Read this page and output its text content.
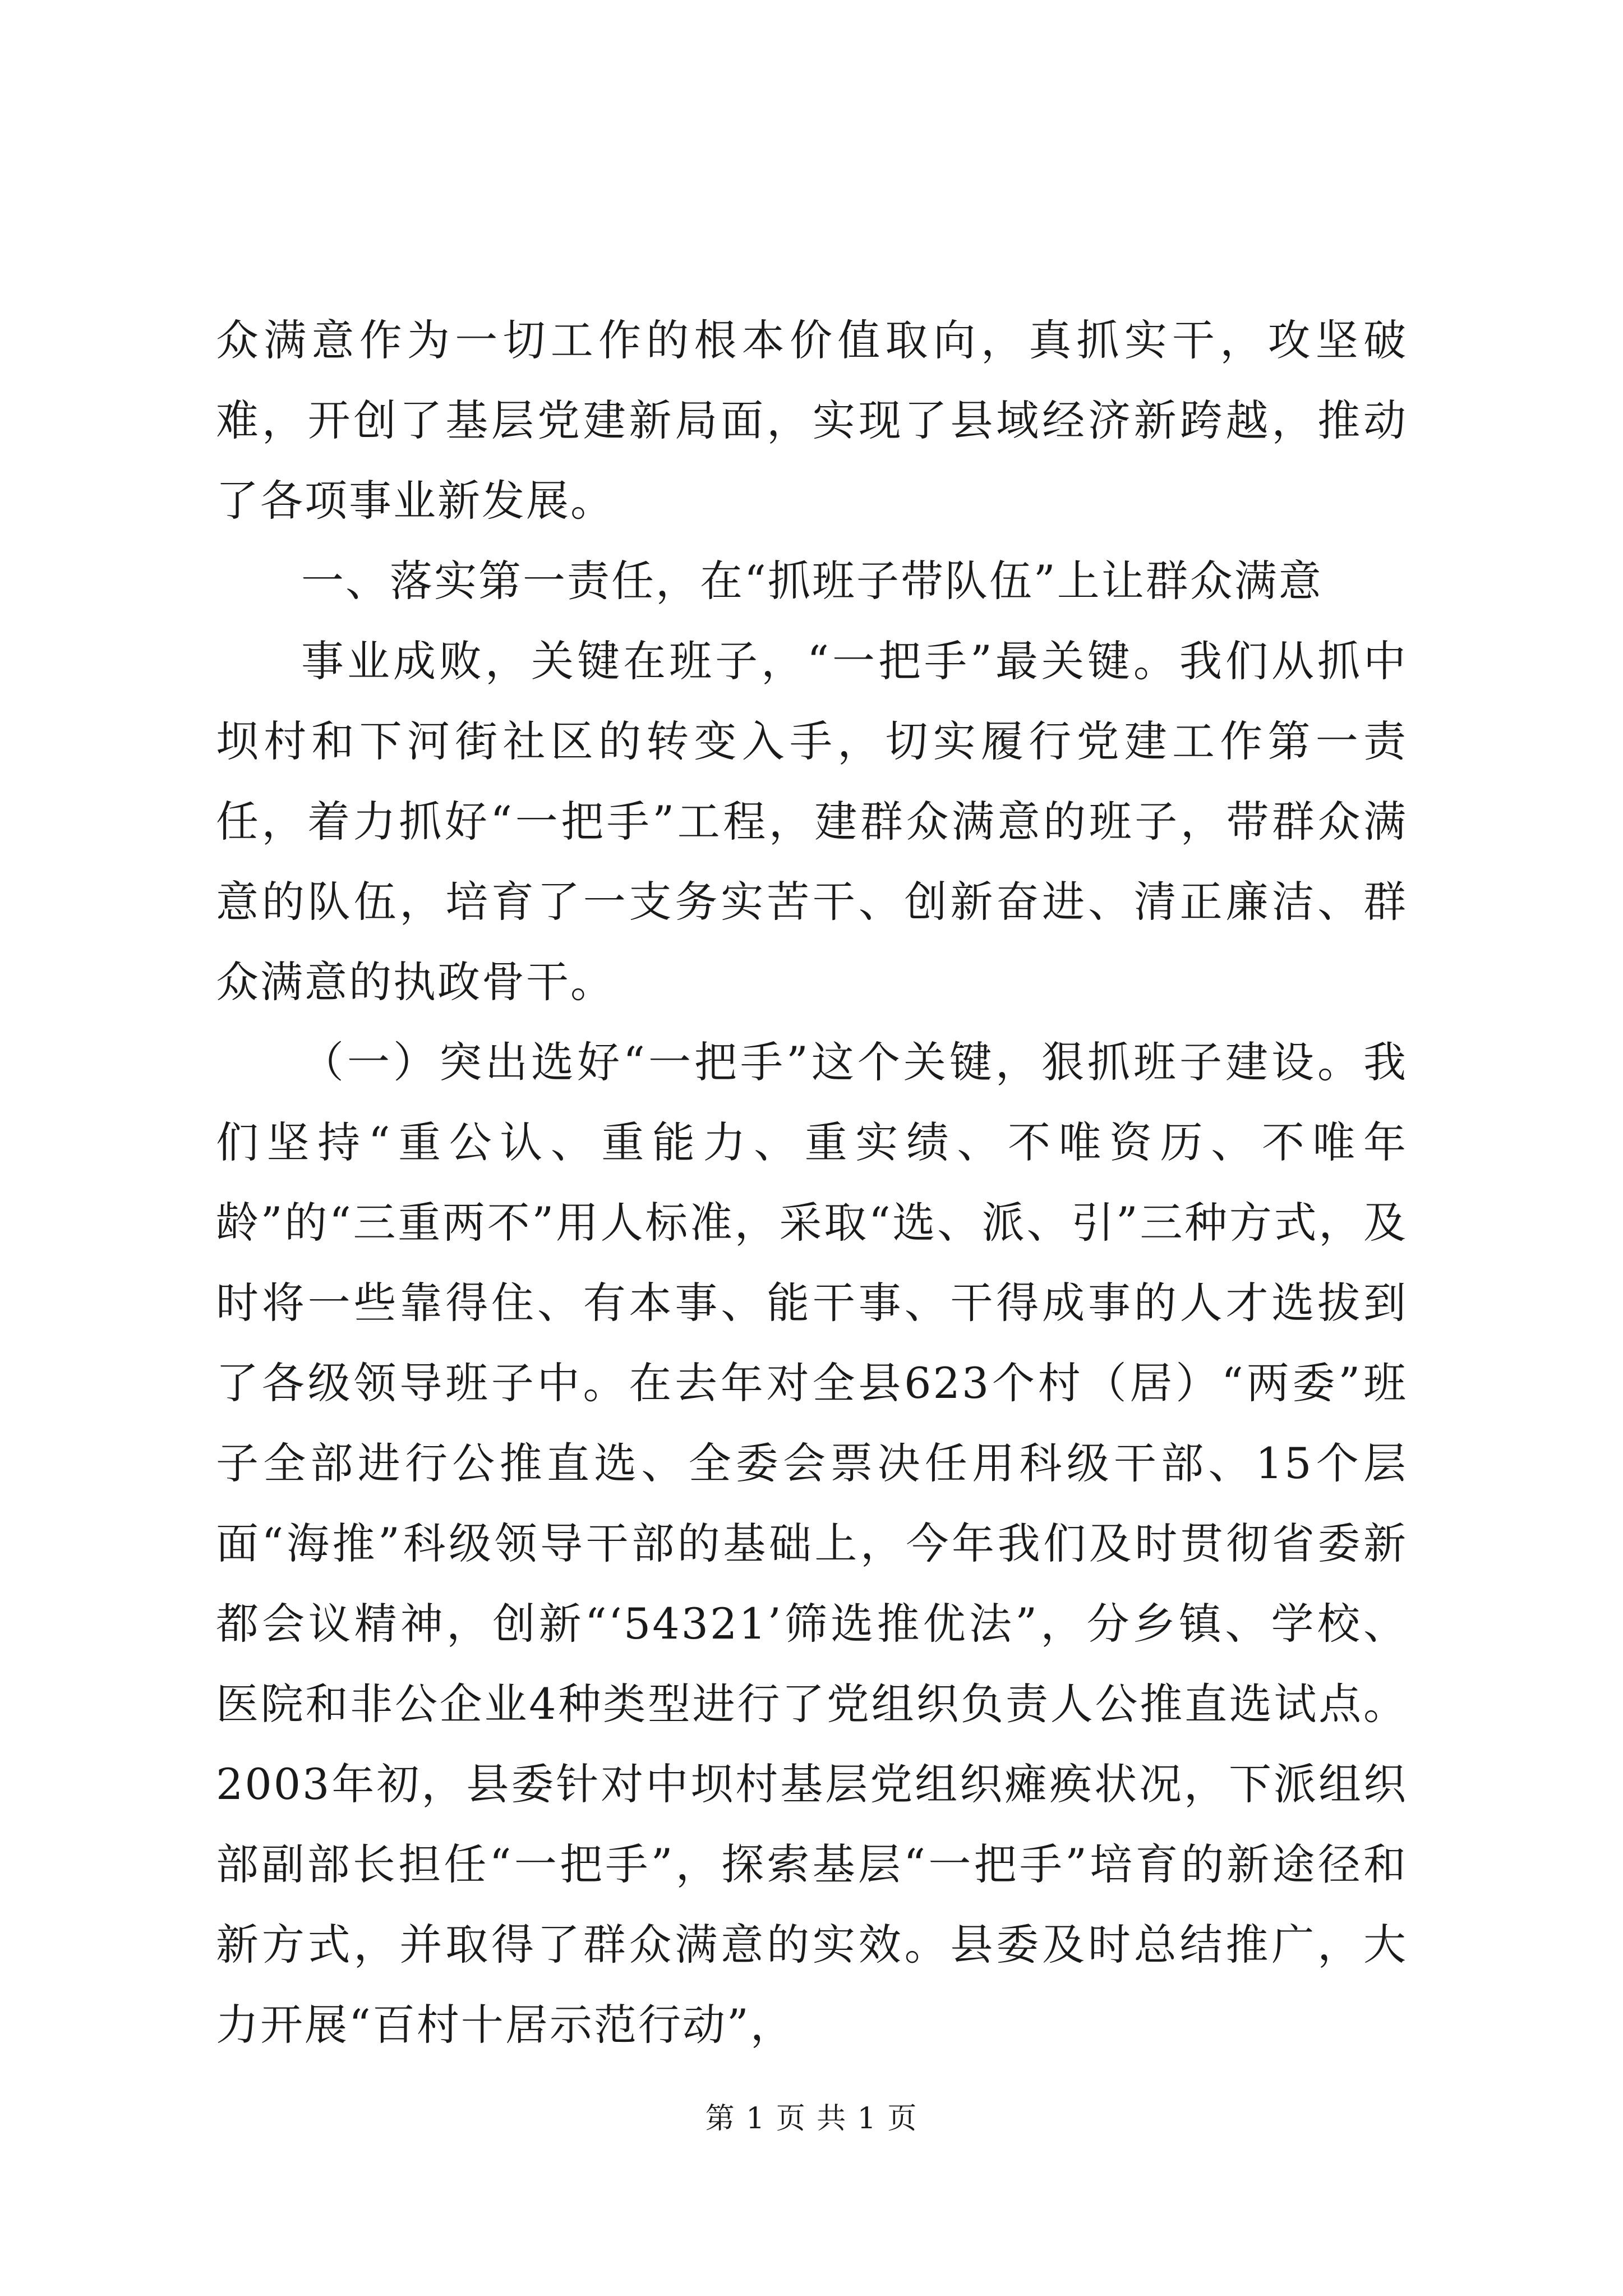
众满意作为一切工作的根本价值取向，真抓实干，攻坚破难，开创了基层党建新局面，实现了县域经济新跨越，推动了各项事业新发展。

一、落实第一责任，在“抓班子带队伍”上让群众满意

事业成败，关键在班子，“一把手”最关键。我们从抓中坝村和下河街社区的转变入手，切实履行党建工作第一责任，着力抓好“一把手”工程，建群众满意的班子，带群众满意的队伍，培育了一支务实苦干、创新奋进、清正廉洁、群众满意的执政骨干。

（一）突出选好“一把手”这个关键，狠抓班子建设。我们坚持“重公认、重能力、重实绩、不唯资历、不唯年龄”的“三重两不”用人标准，采取“选、派、引”三种方式，及时将一些靠得住、有本事、能干事、干得成事的人才选拔到了各级领导班子中。在去年对全县623个村（居）“两委”班子全部进行公推直选、全委会票决任用科级干部、15个层面“海推”科级领导干部的基础上，今年我们及时贯彻省委新都会议精神，创新“‘54321’筛选推优法”，分乡镇、学校、医院和非公企业4种类型进行了党组织负责人公推直选试点。2003年初，县委针对中坝村基层党组织瘫痪状况，下派组织部副部长担任“一把手”，探索基层“一把手”培育的新途径和新方式，并取得了群众满意的实效。县委及时总结推广，大力开展“百村十居示范行动”，

第 1 页 共 1 页
